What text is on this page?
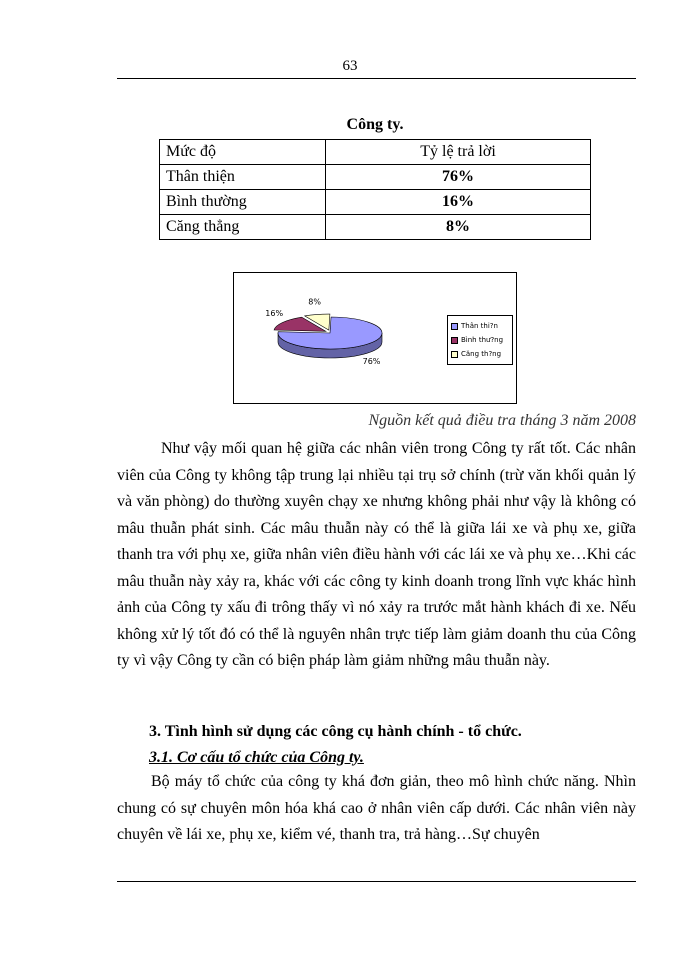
63
Công ty.
Mức độ	Tỷ lệ trả lời
Thân thiện	76%
Bình thường	16%
Căng thẳng	8%
76%
16%
8%
Thân thi?n
Bình thư?ng
Căng th?ng
Nguồn kết quả điều tra tháng 3 năm 2008
Như vậy mối quan hệ giữa các nhân viên trong Công ty rất tốt. Các nhân viên của Công ty không tập trung lại nhiều tại trụ sở chính (trừ văn khối quản lý và văn phòng) do thường xuyên chạy xe nhưng không phải như vậy là không có mâu thuẫn phát sinh. Các mâu thuẫn này có thể là giữa lái xe và phụ xe, giữa thanh tra với phụ xe, giữa nhân viên điều hành với các lái xe và phụ xe…Khi các mâu thuẫn này xảy ra, khác với các công ty kinh doanh trong lĩnh vực khác hình ảnh của Công ty xấu đi trông thấy vì nó xảy ra trước mắt hành khách đi xe. Nếu không xử lý tốt đó có thể là nguyên nhân trực tiếp làm giảm doanh thu của Công ty vì vậy Công ty cần có biện pháp làm giảm những mâu thuẫn này.
3. Tình hình sử dụng các công cụ hành chính - tổ chức.
3.1. Cơ cấu tổ chức của Công ty.
Bộ máy tổ chức của công ty khá đơn giản, theo mô hình chức năng. Nhìn chung có sự chuyên môn hóa khá cao ở nhân viên cấp dưới. Các nhân viên này chuyên về lái xe, phụ xe, kiểm vé, thanh tra, trả hàng…Sự chuyên
